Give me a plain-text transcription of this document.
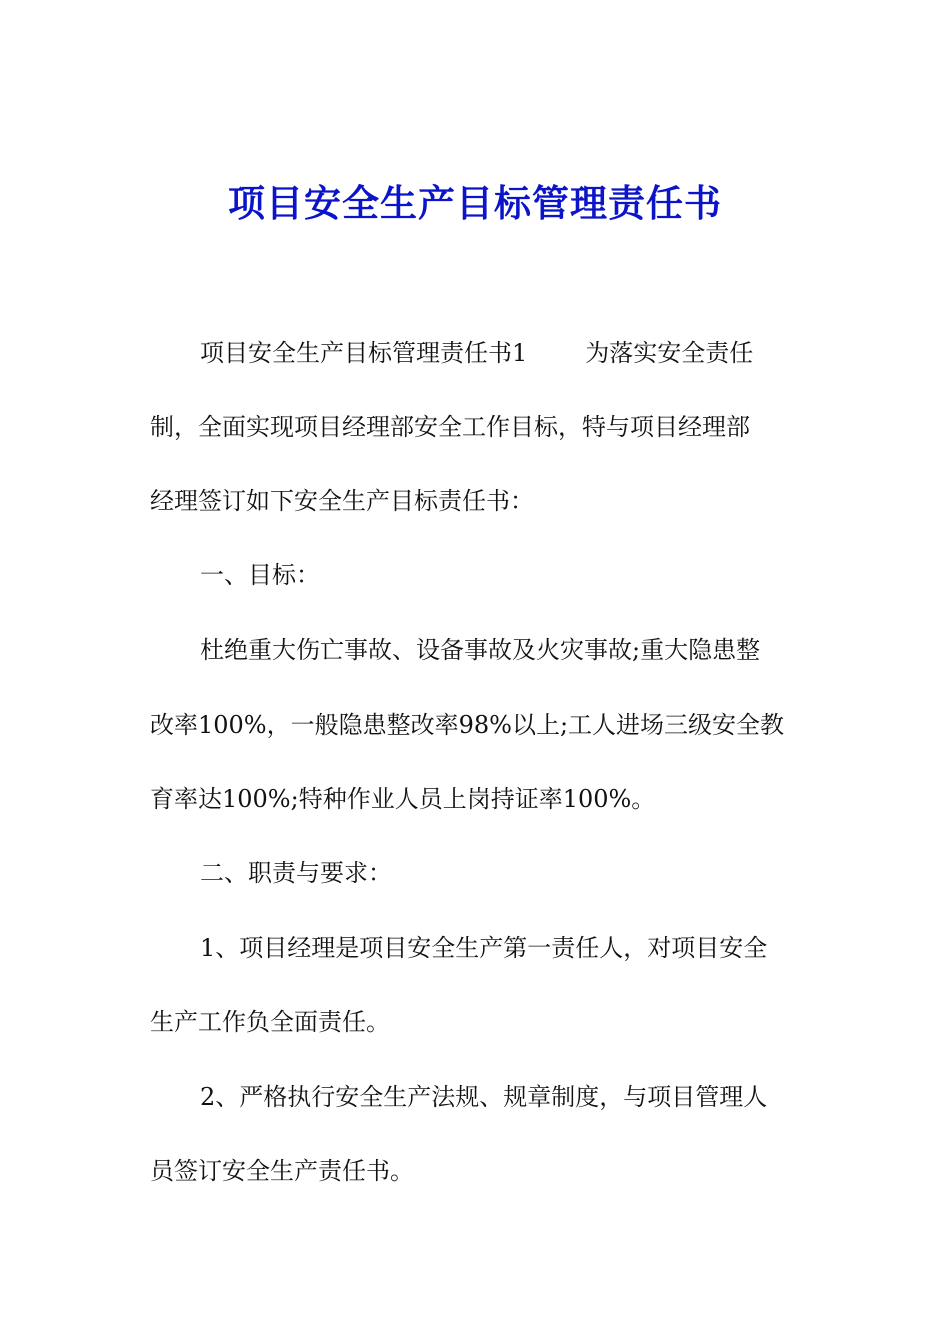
项目安全生产目标管理责任书
项目安全生产目标管理责任书1 为落实安全责任
制，全面实现项目经理部安全工作目标，特与项目经理部
经理签订如下安全生产目标责任书：
一、目标：
杜绝重大伤亡事故、设备事故及火灾事故;重大隐患整
改率100%，一般隐患整改率98%以上;工人进场三级安全教
育率达100%;特种作业人员上岗持证率100%。
二、职责与要求：
1、项目经理是项目安全生产第一责任人，对项目安全
生产工作负全面责任。
2、严格执行安全生产法规、规章制度，与项目管理人
员签订安全生产责任书。
